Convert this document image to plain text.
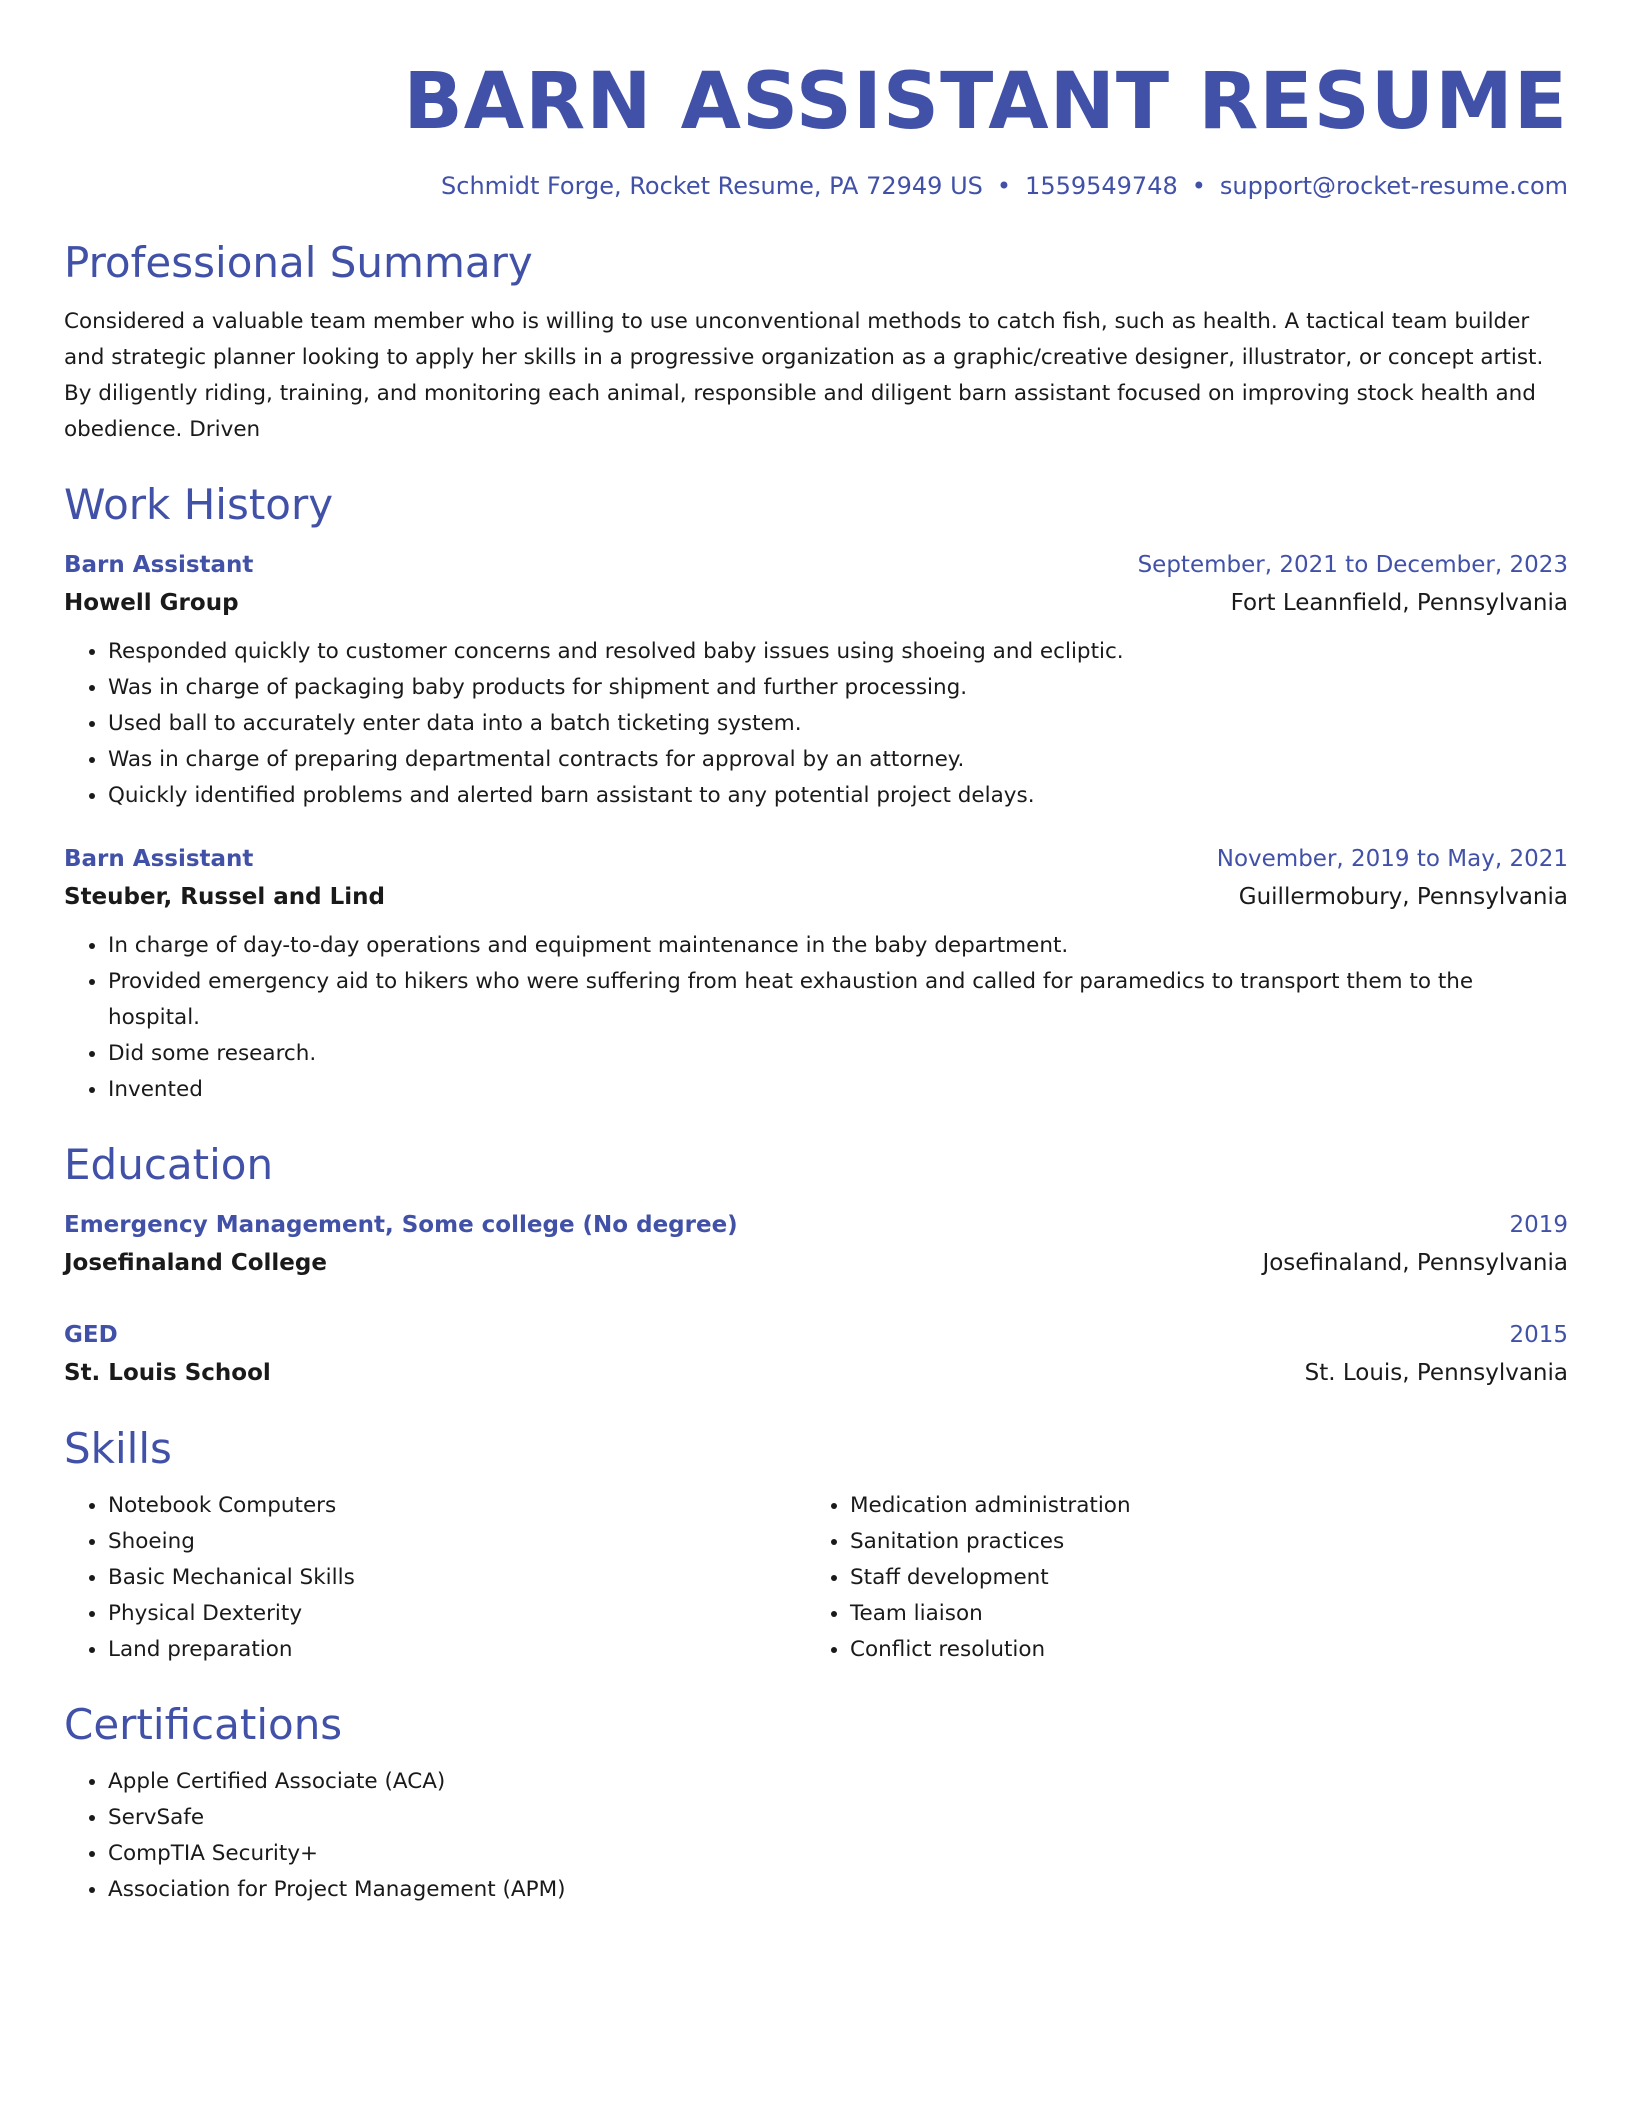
BARN ASSISTANT RESUME
Schmidt Forge, Rocket Resume, PA 72949 US • 1559549748 • support@rocket-resume.com
Professional Summary

Considered a valuable team member who is willing to use unconventional methods to catch fish, such as health. A tactical team builder and strategic planner looking to apply her skills in a progressive organization as a graphic/creative designer, illustrator, or concept artist. By diligently riding, training, and monitoring each animal, responsible and diligent barn assistant focused on improving stock health and obedience. Driven

Work History
Barn Assistant	September, 2021 to December, 2023
Howell Group	Fort Leannfield, Pennsylvania
• Responded quickly to customer concerns and resolved baby issues using shoeing and ecliptic.
• Was in charge of packaging baby products for shipment and further processing.
• Used ball to accurately enter data into a batch ticketing system.
• Was in charge of preparing departmental contracts for approval by an attorney.
• Quickly identified problems and alerted barn assistant to any potential project delays.
Barn Assistant	November, 2019 to May, 2021
Steuber, Russel and Lind	Guillermobury, Pennsylvania
• In charge of day-to-day operations and equipment maintenance in the baby department.
• Provided emergency aid to hikers who were suffering from heat exhaustion and called for paramedics to transport them to the hospital.
• Did some research.
• Invented
Education
Emergency Management, Some college (No degree)	2019
Josefinaland College	Josefinaland, Pennsylvania
GED	2015
St. Louis School	St. Louis, Pennsylvania
Skills
• Notebook Computers
• Shoeing
• Basic Mechanical Skills
• Physical Dexterity
• Land preparation
• Medication administration
• Sanitation practices
• Staff development
• Team liaison
• Conflict resolution
Certifications
• Apple Certified Associate (ACA)
• ServSafe
• CompTIA Security+
• Association for Project Management (APM)
